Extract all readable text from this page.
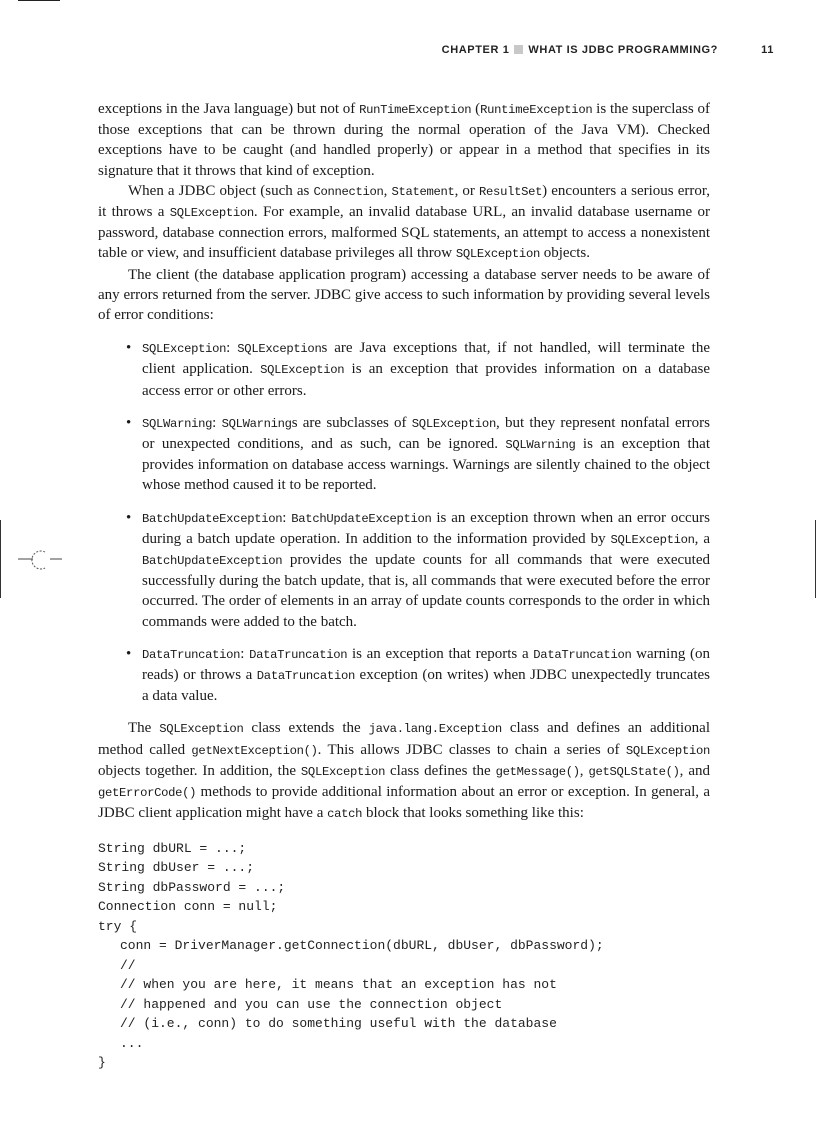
CHAPTER 1 WHAT IS JDBC PROGRAMMING?	11

exceptions in the Java language) but not of RunTimeException (RuntimeException is the superclass of those exceptions that can be thrown during the normal operation of the Java VM). Checked exceptions have to be caught (and handled properly) or appear in a method that specifies in its signature that it throws that kind of exception.

When a JDBC object (such as Connection, Statement, or ResultSet) encounters a serious error, it throws a SQLException. For example, an invalid database URL, an invalid database username or password, database connection errors, malformed SQL statements, an attempt to access a nonexistent table or view, and insufficient database privileges all throw SQLException objects.

The client (the database application program) accessing a database server needs to be aware of any errors returned from the server. JDBC give access to such information by providing several levels of error conditions:

• SQLException: SQLExceptions are Java exceptions that, if not handled, will terminate the client application. SQLException is an exception that provides information on a database access error or other errors.
• SQLWarning: SQLWarnings are subclasses of SQLException, but they represent nonfatal errors or unexpected conditions, and as such, can be ignored. SQLWarning is an exception that provides information on database access warnings. Warnings are silently chained to the object whose method caused it to be reported.
• BatchUpdateException: BatchUpdateException is an exception thrown when an error occurs during a batch update operation. In addition to the information provided by SQLException, a BatchUpdateException provides the update counts for all commands that were executed successfully during the batch update, that is, all commands that were executed before the error occurred. The order of elements in an array of update counts corresponds to the order in which commands were added to the batch.
• DataTruncation: DataTruncation is an exception that reports a DataTruncation warning (on reads) or throws a DataTruncation exception (on writes) when JDBC unexpectedly truncates a data value.

The SQLException class extends the java.lang.Exception class and defines an additional method called getNextException(). This allows JDBC classes to chain a series of SQLException objects together. In addition, the SQLException class defines the getMessage(), getSQLState(), and getErrorCode() methods to provide additional information about an error or exception. In general, a JDBC client application might have a catch block that looks something like this:

String dbURL = ...;
String dbUser = ...;
String dbPassword = ...;
Connection conn = null;
try {
conn = DriverManager.getConnection(dbURL, dbUser, dbPassword);
//
// when you are here, it means that an exception has not
// happened and you can use the connection object
// (i.e., conn) to do something useful with the database
...
}
